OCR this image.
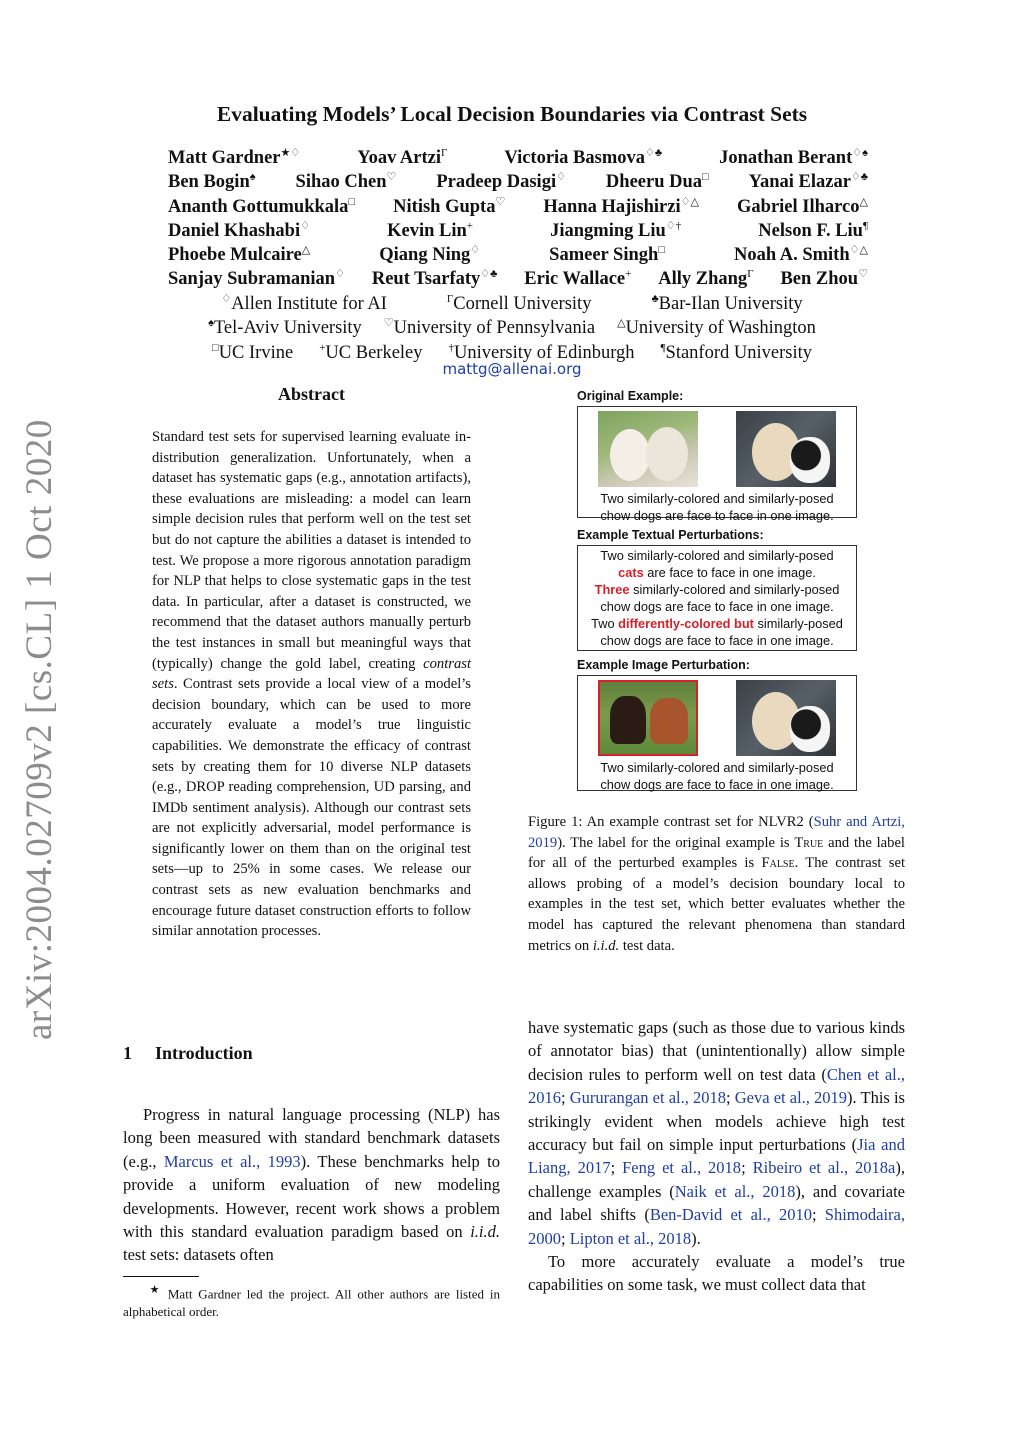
arXiv:2004.02709v2 [cs.CL] 1 Oct 2020
Evaluating Models’ Local Decision Boundaries via Contrast Sets
Matt Gardner★♢	Yoav Artzi$^\Gamma$	Victoria Basmova♢♣	Jonathan Berant♢♠
Ben Bogin♠ Sihao Chen♡ Pradeep Dasigi♢ Dheeru Dua□ Yanai Elazar♢♣
Ananth Gottumukkala□ Nitish Gupta♡ Hanna Hajishirzi♢△ Gabriel Ilharco△
Daniel Khashabi♢	Kevin Lin+	Jiangming Liu♢†	Nelson F. Liu¶
Phoebe Mulcaire△	Qiang Ning♢	Sameer Singh□	Noah A. Smith♢△
Sanjay Subramanian♢ Reut Tsarfaty♢♣ Eric Wallace+ Ally Zhang$^\Gamma$ Ben Zhou♡
♢Allen Institute for AI	$^\Gamma$Cornell University	♣Bar-Ilan University
♠Tel-Aviv University ♡University of Pennsylvania △University of Washington
□UC Irvine +UC Berkeley †University of Edinburgh ¶Stanford University
mattg@allenai.org
Abstract
Standard test sets for supervised learning evaluate in-distribution generalization. Unfortunately, when a dataset has systematic gaps (e.g., annotation artifacts), these evaluations are misleading: a model can learn simple decision rules that perform well on the test set but do not capture the abilities a dataset is intended to test. We propose a more rigorous annotation paradigm for NLP that helps to close systematic gaps in the test data. In particular, after a dataset is constructed, we recommend that the dataset authors manually perturb the test instances in small but meaningful ways that (typically) change the gold label, creating contrast sets. Contrast sets provide a local view of a model’s decision boundary, which can be used to more accurately evaluate a model’s true linguistic capabilities. We demonstrate the efficacy of contrast sets by creating them for 10 diverse NLP datasets (e.g., DROP reading comprehension, UD parsing, and IMDb sentiment analysis). Although our contrast sets are not explicitly adversarial, model performance is significantly lower on them than on the original test sets—up to 25% in some cases. We release our contrast sets as new evaluation benchmarks and encourage future dataset construction efforts to follow similar annotation processes.
1 Introduction

Progress in natural language processing (NLP) has long been measured with standard benchmark datasets (e.g., Marcus et al., 1993). These benchmarks help to provide a uniform evaluation of new modeling developments. However, recent work shows a problem with this standard evaluation paradigm based on i.i.d. test sets: datasets often

★ Matt Gardner led the project. All other authors are listed in alphabetical order.
Original Example:
Two similarly-colored and similarly-posed
chow dogs are face to face in one image.
Example Textual Perturbations:
Two similarly-colored and similarly-posed
cats are face to face in one image.
Three similarly-colored and similarly-posed
chow dogs are face to face in one image.
Two differently-colored but similarly-posed
chow dogs are face to face in one image.
Example Image Perturbation:
Two similarly-colored and similarly-posed
chow dogs are face to face in one image.
Figure 1: An example contrast set for NLVR2 (Suhr and Artzi, 2019). The label for the original example is True and the label for all of the perturbed examples is False. The contrast set allows probing of a model’s decision boundary local to examples in the test set, which better evaluates whether the model has captured the relevant phenomena than standard metrics on i.i.d. test data.

have systematic gaps (such as those due to various kinds of annotator bias) that (unintentionally) allow simple decision rules to perform well on test data (Chen et al., 2016; Gururangan et al., 2018; Geva et al., 2019). This is strikingly evident when models achieve high test accuracy but fail on simple input perturbations (Jia and Liang, 2017; Feng et al., 2018; Ribeiro et al., 2018a), challenge examples (Naik et al., 2018), and covariate and label shifts (Ben-David et al., 2010; Shimodaira, 2000; Lipton et al., 2018).

To more accurately evaluate a model’s true capabilities on some task, we must collect data that
